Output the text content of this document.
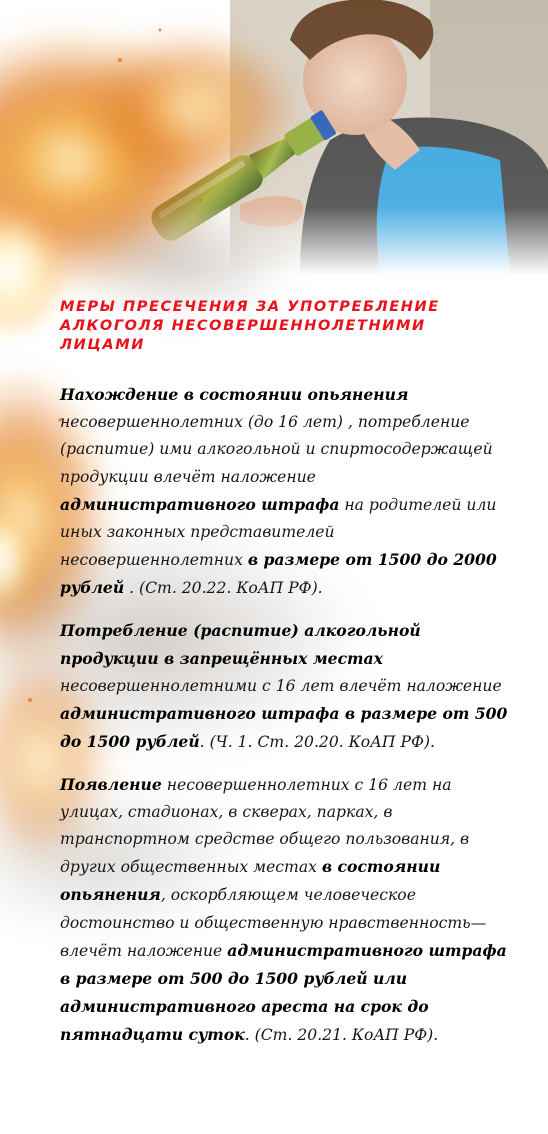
МЕРЫ ПРЕСЕЧЕНИЯ ЗА УПОТРЕБЛЕНИЕ АЛКОГОЛЯ НЕСОВЕРШЕННОЛЕТНИМИ ЛИЦАМИ

Нахождение в состоянии опьянения несовершеннолетних (до 16 лет) , потребление (распитие) ими алкогольной и спиртосодержащей продукции влечёт наложение административного штрафа на родителей или иных законных представителей несовершеннолетних в размере от 1500 до 2000 рублей . (Ст. 20.22. КоАП РФ).

Потребление (распитие) алкогольной продукции в запрещённых местах несовершеннолетними с 16 лет влечёт наложение административного штрафа в размере от 500 до 1500 рублей. (Ч. 1. Ст. 20.20. КоАП РФ).

Появление несовершеннолетних с 16 лет на улицах, стадионах, в скверах, парках, в транспортном средстве общего пользования, в других общественных местах в состоянии опьянения, оскорбляющем человеческое достоинство и общественную нравственность— влечёт наложение административного штрафа в размере от 500 до 1500 рублей или административного ареста на срок до пятнадцати суток. (Ст. 20.21. КоАП РФ).
